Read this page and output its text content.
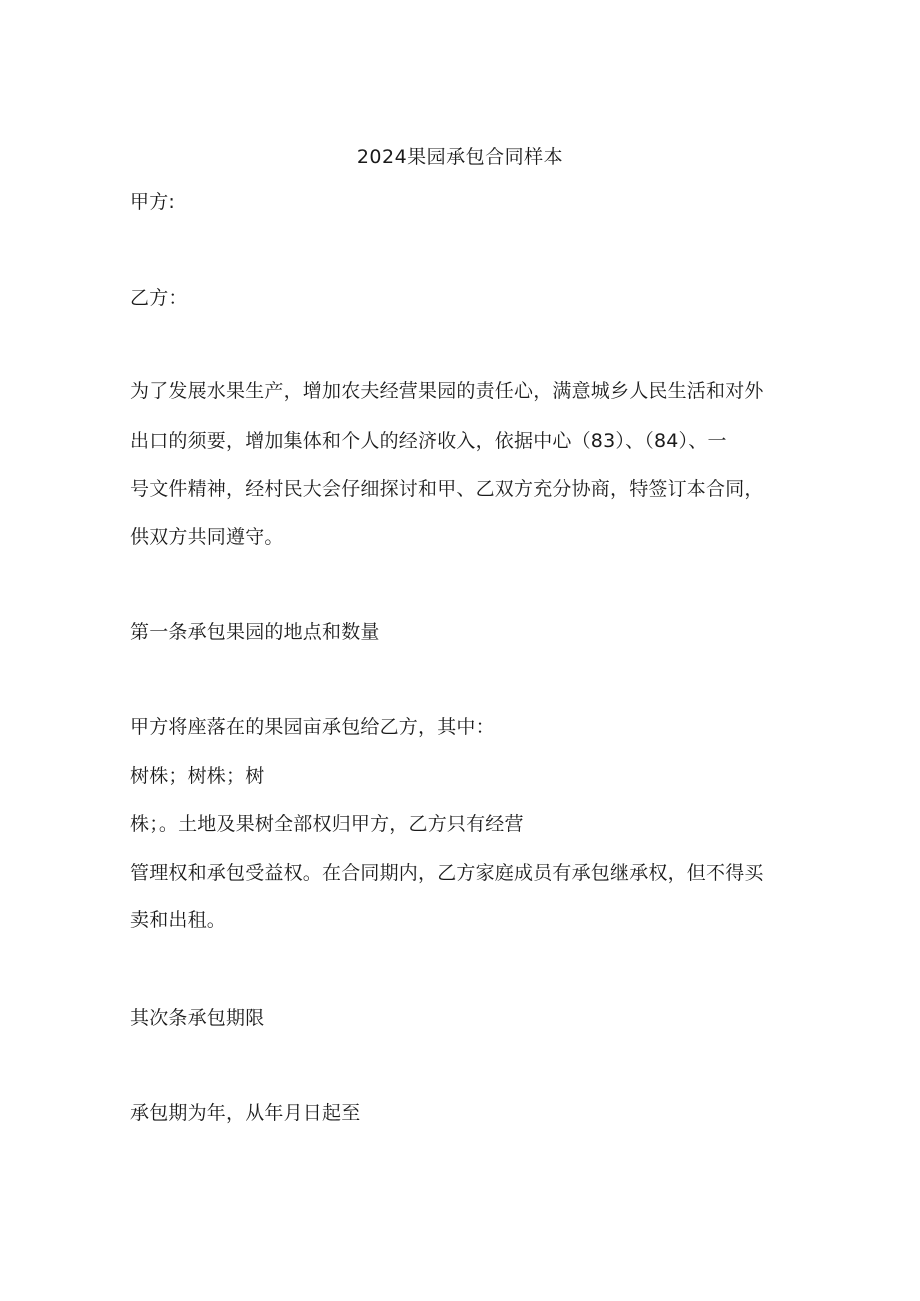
2024果园承包合同样本
甲方:
乙方：
为了发展水果生产，增加农夫经营果园的责任心，满意城乡人民生活和对外
出口的须要，增加集体和个人的经济收入，依据中心（83）、（84）、一
号文件精神，经村民大会仔细探讨和甲、乙双方充分协商，特签订本合同，
供双方共同遵守。
第一条承包果园的地点和数量
甲方将座落在的果园亩承包给乙方，其中：
树株；树株；树
株；。土地及果树全部权归甲方，乙方只有经营
管理权和承包受益权。在合同期内，乙方家庭成员有承包继承权，但不得买
卖和出租。
其次条承包期限
承包期为年，从年月日起至
